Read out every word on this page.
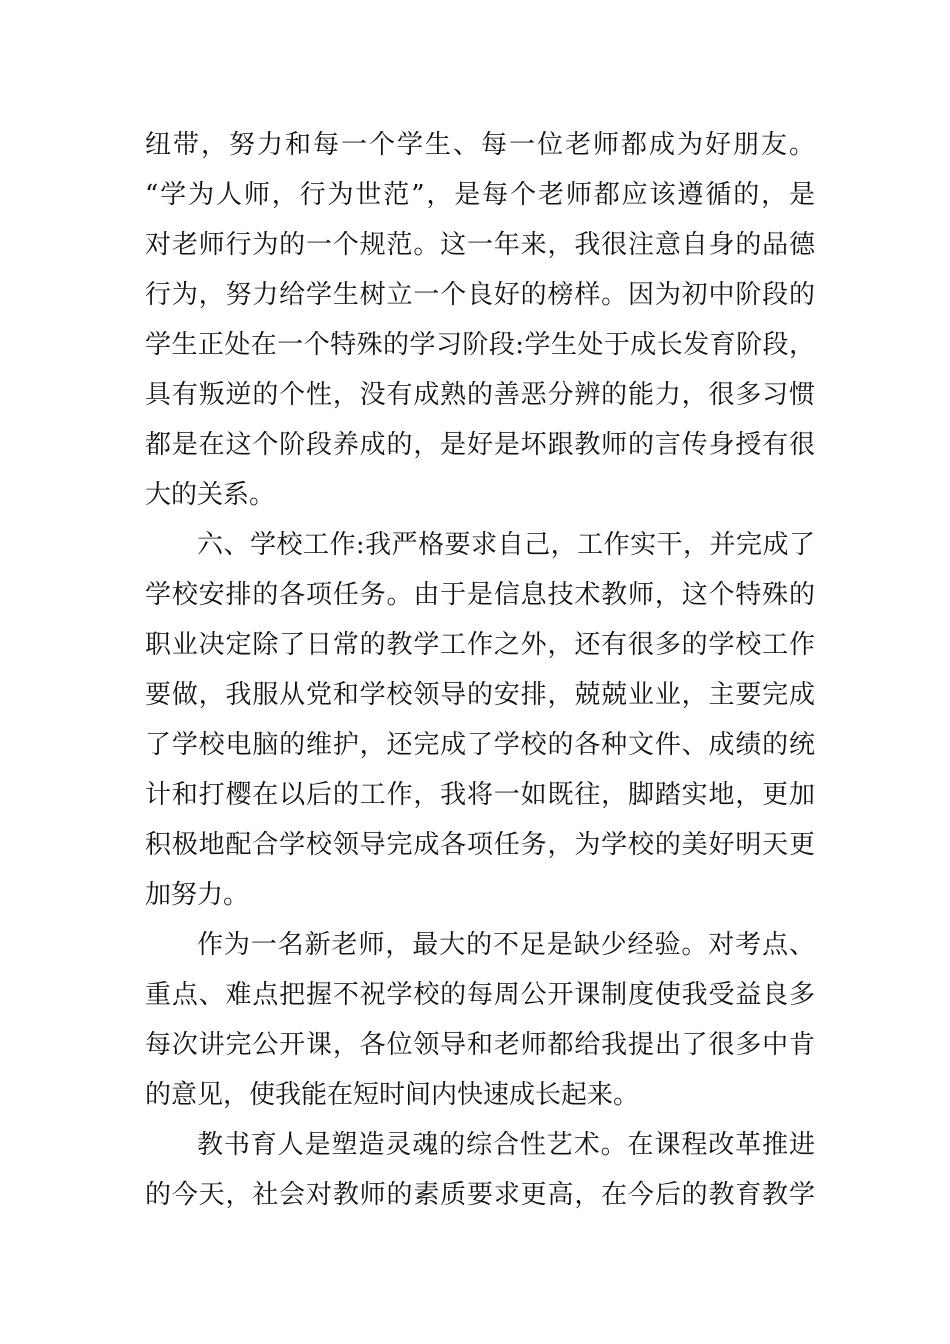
纽带，努力和每一个学生、每一位老师都成为好朋友。
“学为人师，行为世范”，是每个老师都应该遵循的，是
对老师行为的一个规范。这一年来，我很注意自身的品德
行为，努力给学生树立一个良好的榜样。因为初中阶段的
学生正处在一个特殊的学习阶段:学生处于成长发育阶段，
具有叛逆的个性，没有成熟的善恶分辨的能力，很多习惯
都是在这个阶段养成的，是好是坏跟教师的言传身授有很
大的关系。
六、学校工作:我严格要求自己，工作实干，并完成了
学校安排的各项任务。由于是信息技术教师，这个特殊的
职业决定除了日常的教学工作之外，还有很多的学校工作
要做，我服从党和学校领导的安排，兢兢业业，主要完成
了学校电脑的维护，还完成了学校的各种文件、成绩的统
计和打樱在以后的工作，我将一如既往，脚踏实地，更加
积极地配合学校领导完成各项任务，为学校的美好明天更
加努力。
作为一名新老师，最大的不足是缺少经验。对考点、
重点、难点把握不祝学校的每周公开课制度使我受益良多
每次讲完公开课，各位领导和老师都给我提出了很多中肯
的意见，使我能在短时间内快速成长起来。
教书育人是塑造灵魂的综合性艺术。在课程改革推进
的今天，社会对教师的素质要求更高，在今后的教育教学
